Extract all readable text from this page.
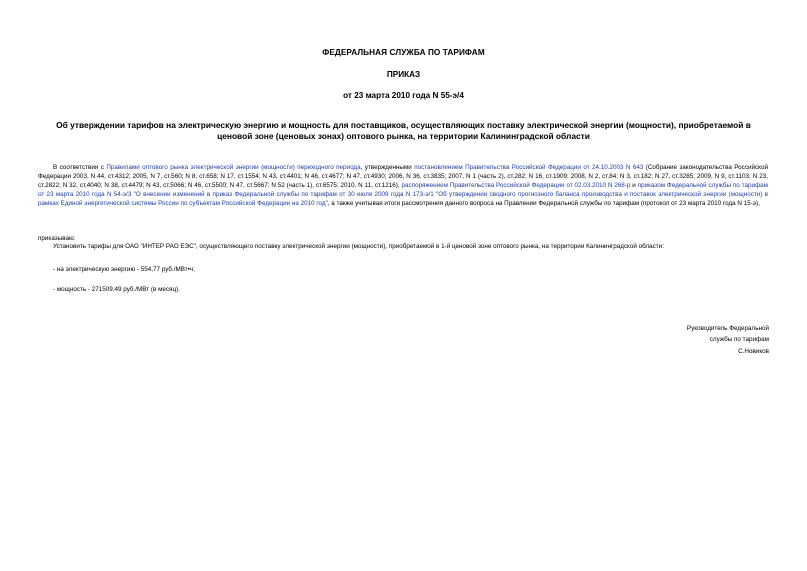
ФЕДЕРАЛЬНАЯ СЛУЖБА ПО ТАРИФАМ
ПРИКАЗ
от 23 марта 2010 года N 55-э/4
Об утверждении тарифов на электрическую энергию и мощность для поставщиков, осуществляющих поставку электрической энергии (мощности), приобретаемой в ценовой зоне (ценовых зонах) оптового рынка, на территории Калининградской области
В соответствии с Правилами оптового рынка электрической энергии (мощности) переходного периода, утвержденными постановлением Правительства Российской Федерации от 24.10.2003 N 643 (Собрание законодательства Российской Федерации 2003, N 44, ст.4312; 2005, N 7, ст.560; N 8, ст.658; N 17, ст.1554; N 43, ст.4401; N 46, ст.4677; N 47, ст.4930; 2006, N 36, ст.3835; 2007, N 1 (часть 2), ст.282; N 16, ст.1909; 2008, N 2, ст.84; N 3, ст.182; N 27, ст.3285; 2009, N 9, ст.1103; N 23, ст.2822; N 32, ст.4040; N 38, ст.4479; N 43, ст.5066; N 46, ст.5500; N 47, ст.5667; N 52 (часть 1), ст.6575; 2010, N 11, ст.1216), распоряжением Правительства Российской Федерации от 02.03.2010 N 268-р и приказом Федеральной службы по тарифам от 23 марта 2010 года N 54-э/3 "О внесении изменений в приказ Федеральной службы по тарифам от 30 июля 2009 года N 173-э/1 "Об утверждении сводного прогнозного баланса производства и поставок электрической энергии (мощности) в рамках Единой энергетической системы России по субъектам Российской Федерации на 2010 год", а также учитывая итоги рассмотрения данного вопроса на Правлении Федеральной службы по тарифам (протокол от 23 марта 2010 года N 15-э),
приказываю:
Установить тарифы для ОАО "ИНТЕР РАО ЕЭС", осуществляющего поставку электрической энергии (мощности), приобретаемой в 1-й ценовой зоне оптового рынка, на территории Калининградской области:
- на электрическую энергию - 554,77 руб./МВт•ч;
- мощность - 271509,49 руб./МВт (в месяц).
Руководитель Федеральной
службы по тарифам
С.Новиков
